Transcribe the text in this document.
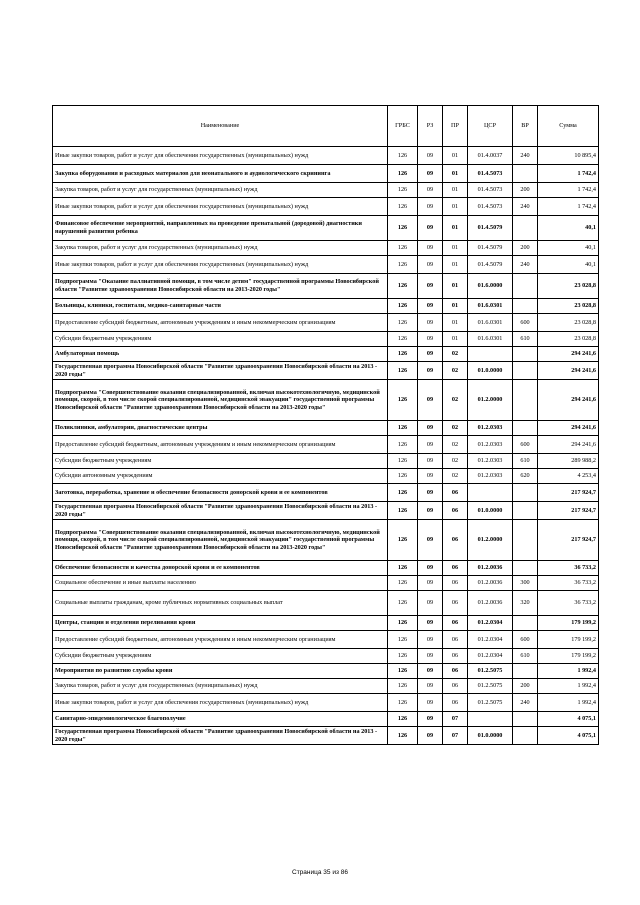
Наименование	ГРБС	РЗ	ПР	ЦСР	ВР	Сумма
Иные закупки товаров, работ и услуг для обеспечения государственных (муниципальных) нужд	126	09	01	01.4.0037	240	10 895,4
Закупка оборудования и расходных материалов для неонатального и аудиологического скрининга	126	09	01	01.4.5073		1 742,4
Закупка товаров, работ и услуг для государственных (муниципальных) нужд	126	09	01	01.4.5073	200	1 742,4
Иные закупки товаров, работ и услуг для обеспечения государственных (муниципальных) нужд	126	09	01	01.4.5073	240	1 742,4
Финансовое обеспечение мероприятий, направленных на проведение пренатальной (дородовой) диагностики нарушений развития ребенка	126	09	01	01.4.5079		40,1
Закупка товаров, работ и услуг для государственных (муниципальных) нужд	126	09	01	01.4.5079	200	40,1
Иные закупки товаров, работ и услуг для обеспечения государственных (муниципальных) нужд	126	09	01	01.4.5079	240	40,1
Подпрограмма "Оказание паллиативной помощи, в том числе детям" государственной программы Новосибирской области "Развитие здравоохранения Новосибирской области на 2013-2020 годы"	126	09	01	01.6.0000		23 028,8
Больницы, клиники, госпитали, медико-санитарные части	126	09	01	01.6.0301		23 028,8
Предоставление субсидий бюджетным, автономным учреждениям и иным некоммерческим организациям	126	09	01	01.6.0301	600	23 028,8
Субсидии бюджетным учреждениям	126	09	01	01.6.0301	610	23 028,8
Амбулаторная помощь	126	09	02			294 241,6
Государственная программа Новосибирской области "Развитие здравоохранения Новосибирской области на 2013 - 2020 годы"	126	09	02	01.0.0000		294 241,6
Подпрограмма "Совершенствование оказания специализированной, включая высокотехнологичную, медицинской помощи, скорой, в том числе скорой специализированной, медицинской эвакуации" государственной программы Новосибирской области "Развитие здравоохранения Новосибирской области на 2013-2020 годы"	126	09	02	01.2.0000		294 241,6
Поликлиники, амбулатории, диагностические центры	126	09	02	01.2.0303		294 241,6
Предоставление субсидий бюджетным, автономным учреждениям и иным некоммерческим организациям	126	09	02	01.2.0303	600	294 241,6
Субсидии бюджетным учреждениям	126	09	02	01.2.0303	610	289 988,2
Субсидии автономным учреждениям	126	09	02	01.2.0303	620	4 253,4
Заготовка, переработка, хранение и обеспечение безопасности донорской крови и ее компонентов	126	09	06			217 924,7
Государственная программа Новосибирской области "Развитие здравоохранения Новосибирской области на 2013 - 2020 годы"	126	09	06	01.0.0000		217 924,7
Подпрограмма "Совершенствование оказания специализированной, включая высокотехнологичную, медицинской помощи, скорой, в том числе скорой специализированной, медицинской эвакуации" государственной программы Новосибирской области "Развитие здравоохранения Новосибирской области на 2013-2020 годы"	126	09	06	01.2.0000		217 924,7
Обеспечение безопасности и качества донорской крови и ее компонентов	126	09	06	01.2.0036		36 733,2
Социальное обеспечение и иные выплаты населению	126	09	06	01.2.0036	300	36 733,2
Социальные выплаты гражданам, кроме публичных нормативных социальных выплат	126	09	06	01.2.0036	320	36 733,2
Центры, станции и отделения переливания крови	126	09	06	01.2.0304		179 199,2
Предоставление субсидий бюджетным, автономным учреждениям и иным некоммерческим организациям	126	09	06	01.2.0304	600	179 199,2
Субсидии бюджетным учреждениям	126	09	06	01.2.0304	610	179 199,2
Мероприятия по развитию службы крови	126	09	06	01.2.5075		1 992,4
Закупка товаров, работ и услуг для государственных (муниципальных) нужд	126	09	06	01.2.5075	200	1 992,4
Иные закупки товаров, работ и услуг для обеспечения государственных (муниципальных) нужд	126	09	06	01.2.5075	240	1 992,4
Санитарно-эпидемиологическое благополучие	126	09	07			4 075,1
Государственная программа Новосибирской области "Развитие здравоохранения Новосибирской области на 2013 - 2020 годы"	126	09	07	01.0.0000		4 075,1
Страница 35 из 86
